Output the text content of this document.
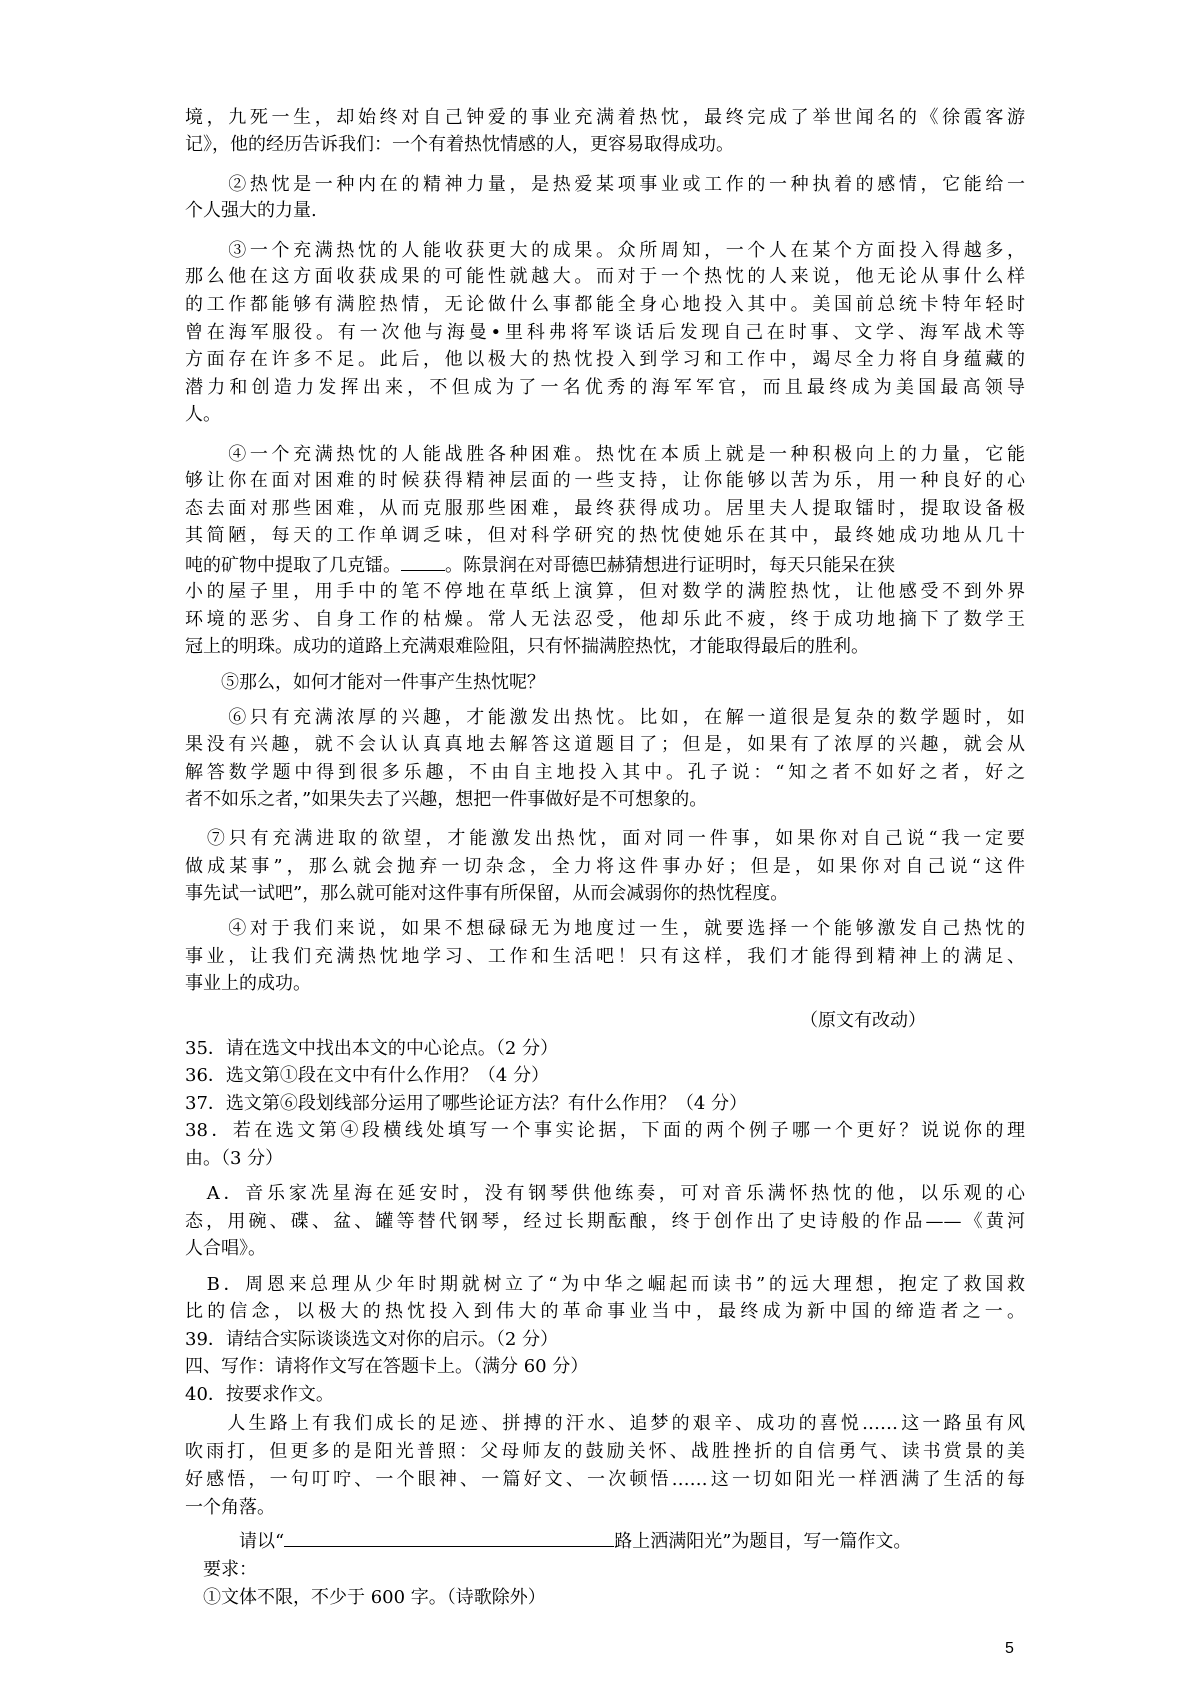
境，九死一生，却始终对自己钟爱的事业充满着热忱，最终完成了举世闻名的《徐霞客游
记》，他的经历告诉我们：一个有着热忱情感的人，更容易取得成功。
　　②热忱是一种内在的精神力量，是热爱某项事业或工作的一种执着的感情，它能给一
个人强大的力量.
　　③一个充满热忱的人能收获更大的成果。众所周知，一个人在某个方面投入得越多，
那么他在这方面收获成果的可能性就越大。而对于一个热忱的人来说，他无论从事什么样
的工作都能够有满腔热情，无论做什么事都能全身心地投入其中。美国前总统卡特年轻时
曾在海军服役。有一次他与海曼•里科弗将军谈话后发现自己在时事、文学、海军战术等
方面存在许多不足。此后，他以极大的热忱投入到学习和工作中，竭尽全力将自身蕴藏的
潜力和创造力发挥出来，不但成为了一名优秀的海军军官，而且最终成为美国最高领导
人。
　　④一个充满热忱的人能战胜各种困难。热忱在本质上就是一种积极向上的力量，它能
够让你在面对困难的时候获得精神层面的一些支持，让你能够以苦为乐，用一种良好的心
态去面对那些困难，从而克服那些困难，最终获得成功。居里夫人提取镭时，提取设备极
其简陋，每天的工作单调乏味，但对科学研究的热忱使她乐在其中，最终她成功地从几十
吨的矿物中提取了几克镭。 。陈景润在对哥德巴赫猜想进行证明时，每天只能呆在狭
小的屋子里，用手中的笔不停地在草纸上演算，但对数学的满腔热忱，让他感受不到外界
环境的恶劣、自身工作的枯燥。常人无法忍受，他却乐此不疲，终于成功地摘下了数学王
冠上的明珠。成功的道路上充满艰难险阻，只有怀揣满腔热忱，才能取得最后的胜利。
　　⑤那么，如何才能对一件事产生热忱呢？
　　⑥只有充满浓厚的兴趣，才能激发出热忱。比如，在解一道很是复杂的数学题时，如
果没有兴趣，就不会认认真真地去解答这道题目了；但是，如果有了浓厚的兴趣，就会从
解答数学题中得到很多乐趣，不由自主地投入其中。孔子说：“知之者不如好之者，好之
者不如乐之者，”如果失去了兴趣，想把一件事做好是不可想象的。
　⑦只有充满进取的欲望，才能激发出热忱，面对同一件事，如果你对自己说“我一定要
做成某事”，那么就会抛弃一切杂念，全力将这件事办好；但是，如果你对自己说“这件
事先试一试吧”，那么就可能对这件事有所保留，从而会减弱你的热忱程度。
　　④对于我们来说，如果不想碌碌无为地度过一生，就要选择一个能够激发自己热忱的
事业，让我们充满热忱地学习、工作和生活吧！只有这样，我们才能得到精神上的满足、
事业上的成功。
（原文有改动）
35．请在选文中找出本文的中心论点。（2 分）
36．选文第①段在文中有什么作用？（4 分）
37．选文第⑥段划线部分运用了哪些论证方法？有什么作用？（4 分）
38．若在选文第④段横线处填写一个事实论据，下面的两个例子哪一个更好？说说你的理
由。（3 分）
　A．音乐家冼星海在延安时，没有钢琴供他练奏，可对音乐满怀热忱的他，以乐观的心
态，用碗、碟、盆、罐等替代钢琴，经过长期酝酿，终于创作出了史诗般的作品——《黄河
人合唱》。
　B．周恩来总理从少年时期就树立了“为中华之崛起而读书”的远大理想，抱定了救国救
比的信念，以极大的热忱投入到伟大的革命事业当中，最终成为新中国的缔造者之一。
39．请结合实际谈谈选文对你的启示。（2 分）
四、写作：请将作文写在答题卡上。（满分 60 分）
40．按要求作文。
　　人生路上有我们成长的足迹、拼搏的汗水、追梦的艰辛、成功的喜悦……这一路虽有风
吹雨打，但更多的是阳光普照：父母师友的鼓励关怀、战胜挫折的自信勇气、读书赏景的美
好感悟，一句叮咛、一个眼神、一篇好文、一次顿悟……这一切如阳光一样洒满了生活的每
一个角落。
　　　请以“	路上洒满阳光”为题目，写一篇作文。
　要求：
　①文体不限，不少于 600 字。（诗歌除外）
5
